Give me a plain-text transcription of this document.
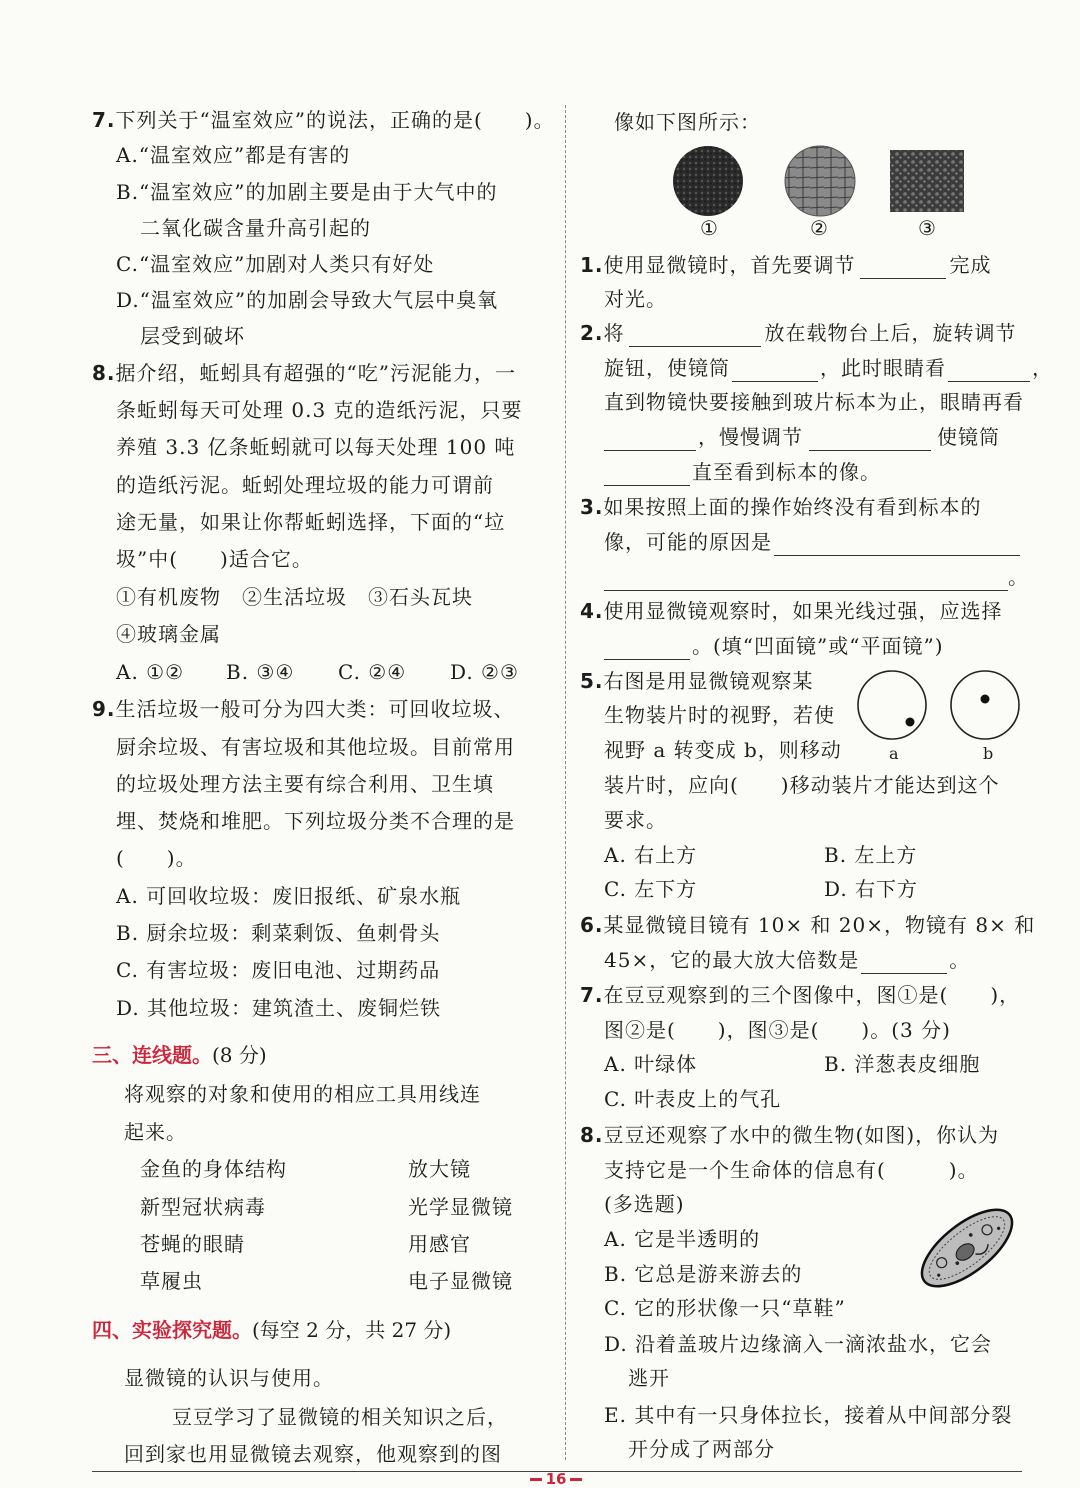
7.下列关于“温室效应”的说法，正确的是(　　)。
A.“温室效应”都是有害的
B.“温室效应”的加剧主要是由于大气中的
二氧化碳含量升高引起的
C.“温室效应”加剧对人类只有好处
D.“温室效应”的加剧会导致大气层中臭氧
层受到破坏
8.据介绍，蚯蚓具有超强的“吃”污泥能力，一
条蚯蚓每天可处理 0.3 克的造纸污泥，只要
养殖 3.3 亿条蚯蚓就可以每天处理 100 吨
的造纸污泥。蚯蚓处理垃圾的能力可谓前
途无量，如果让你帮蚯蚓选择，下面的“垃
圾”中(　　)适合它。
①有机废物　②生活垃圾　③石头瓦块
④玻璃金属
A. ①② B. ③④ C. ②④ D. ②③
9.生活垃圾一般可分为四大类：可回收垃圾、
厨余垃圾、有害垃圾和其他垃圾。目前常用
的垃圾处理方法主要有综合利用、卫生填
埋、焚烧和堆肥。下列垃圾分类不合理的是
(　　)。
A. 可回收垃圾：废旧报纸、矿泉水瓶
B. 厨余垃圾：剩菜剩饭、鱼刺骨头
C. 有害垃圾：废旧电池、过期药品
D. 其他垃圾：建筑渣土、废铜烂铁
三、连线题。(8 分)
将观察的对象和使用的相应工具用线连
起来。
金鱼的身体结构	放大镜
新型冠状病毒	光学显微镜
苍蝇的眼睛	用感官
草履虫	电子显微镜
四、实验探究题。(每空 2 分，共 27 分)
显微镜的认识与使用。
豆豆学习了显微镜的相关知识之后，
回到家也用显微镜去观察，他观察到的图
像如下图所示：
①	②	③
1.使用显微镜时，首先要调节	完成
对光。
2.将	放在载物台上后，旋转调节
旋钮，使镜筒	，此时眼睛看	，
直到物镜快要接触到玻片标本为止，眼睛再看
，慢慢调节	使镜筒
直至看到标本的像。
3.如果按照上面的操作始终没有看到标本的
像，可能的原因是
。
4.使用显微镜观察时，如果光线过强，应选择
。(填“凹面镜”或“平面镜”)
5.右图是用显微镜观察某
生物装片时的视野，若使
视野 a 转变成 b，则移动
装片时，应向(　　)移动装片才能达到这个
要求。
a	b
A. 右上方	B. 左上方
C. 左下方	D. 右下方
6.某显微镜目镜有 10× 和 20×，物镜有 8× 和
45×，它的最大放大倍数是	。
7.在豆豆观察到的三个图像中，图①是(　　)，
图②是(　　)，图③是(　　)。(3 分)
A. 叶绿体	B. 洋葱表皮细胞
C. 叶表皮上的气孔
8.豆豆还观察了水中的微生物(如图)，你认为
支持它是一个生命体的信息有(　　　)。
(多选题)
A. 它是半透明的
B. 它总是游来游去的
C. 它的形状像一只“草鞋”
D. 沿着盖玻片边缘滴入一滴浓盐水，它会
逃开
E. 其中有一只身体拉长，接着从中间部分裂
开分成了两部分
16
